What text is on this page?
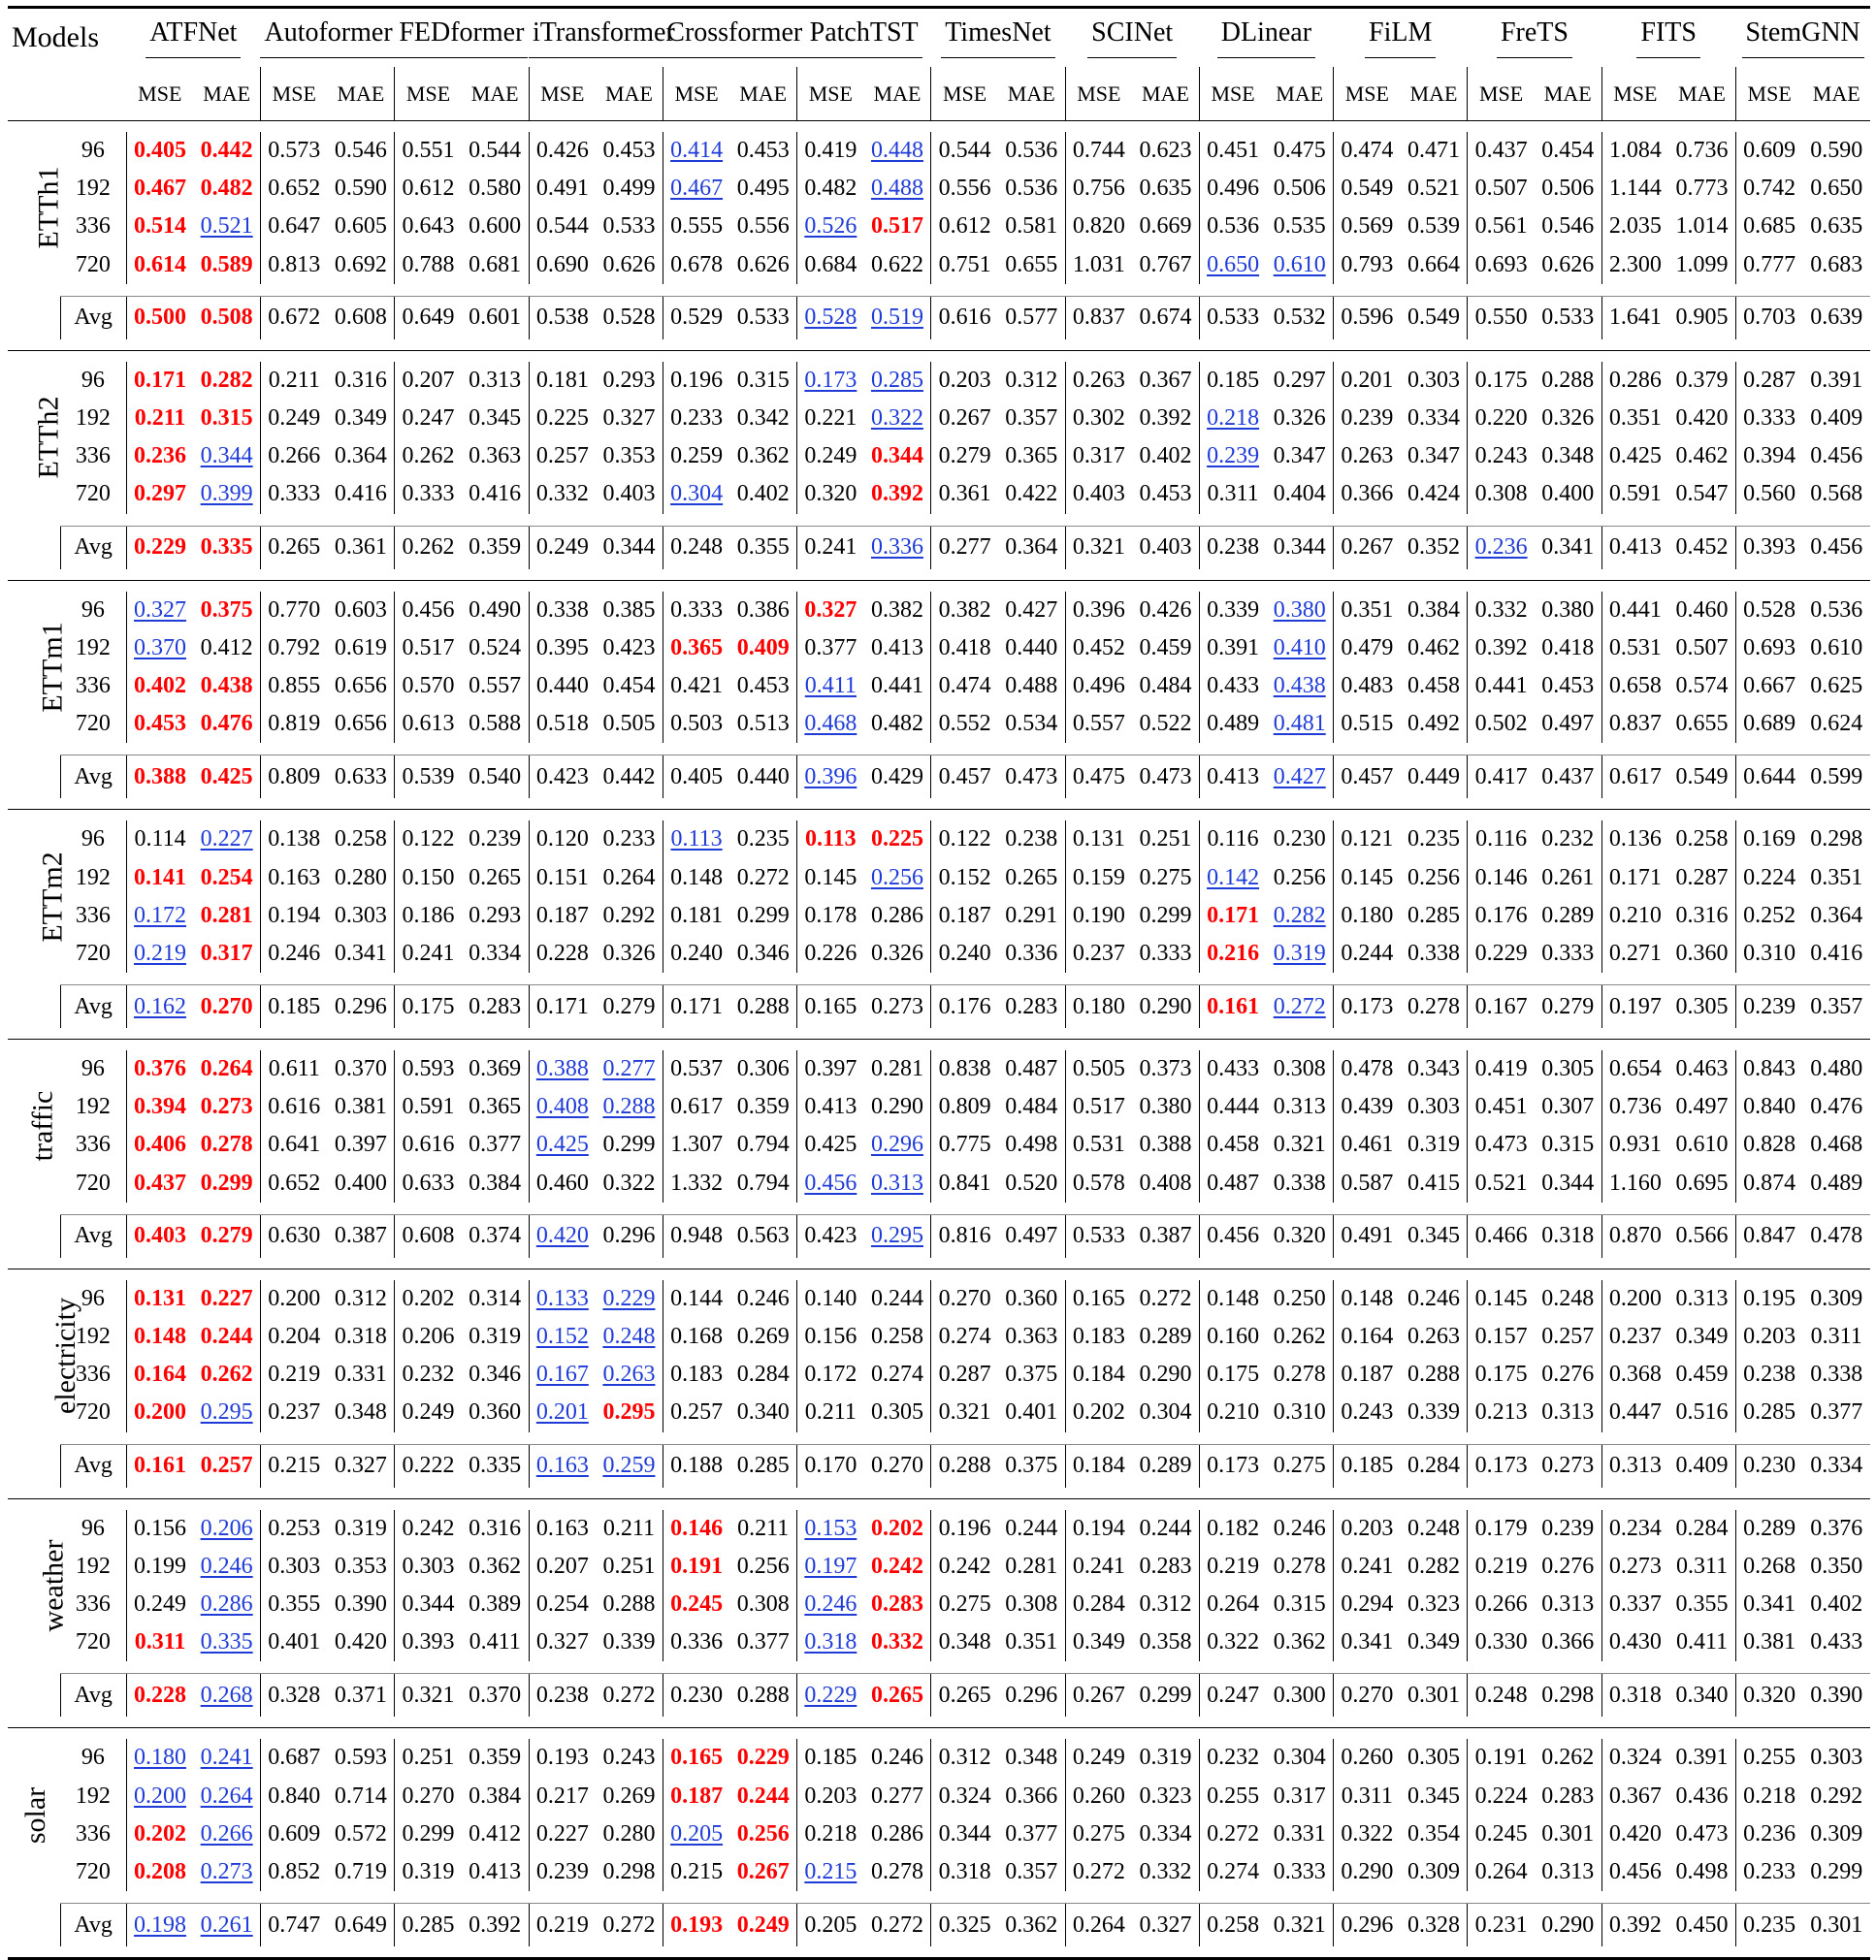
Models		ATFNet		Autoformer		FEDformer		iTransformer		Crossformer		PatchTST		TimesNet		SCINet		DLinear		FiLM		FreTS		FITS		StemGNN	
		MSE	MAE	MSE	MAE	MSE	MAE	MSE	MAE	MSE	MAE	MSE	MAE	MSE	MAE	MSE	MAE	MSE	MAE	MSE	MAE	MSE	MAE	MSE	MAE	MSE	MAE

ETTh1	96	0.405	0.442	0.573	0.546	0.551	0.544	0.426	0.453	0.414	0.453	0.419	0.448	0.544	0.536	0.744	0.623	0.451	0.475	0.474	0.471	0.437	0.454	1.084	0.736	0.609	0.590
	192	0.467	0.482	0.652	0.590	0.612	0.580	0.491	0.499	0.467	0.495	0.482	0.488	0.556	0.536	0.756	0.635	0.496	0.506	0.549	0.521	0.507	0.506	1.144	0.773	0.742	0.650
	336	0.514	0.521	0.647	0.605	0.643	0.600	0.544	0.533	0.555	0.556	0.526	0.517	0.612	0.581	0.820	0.669	0.536	0.535	0.569	0.539	0.561	0.546	2.035	1.014	0.685	0.635
	720	0.614	0.589	0.813	0.692	0.788	0.681	0.690	0.626	0.678	0.626	0.684	0.622	0.751	0.655	1.031	0.767	0.650	0.610	0.793	0.664	0.693	0.626	2.300	1.099	0.777	0.683

	Avg	0.500	0.508	0.672	0.608	0.649	0.601	0.538	0.528	0.529	0.533	0.528	0.519	0.616	0.577	0.837	0.674	0.533	0.532	0.596	0.549	0.550	0.533	1.641	0.905	0.703	0.639

ETTh2	96	0.171	0.282	0.211	0.316	0.207	0.313	0.181	0.293	0.196	0.315	0.173	0.285	0.203	0.312	0.263	0.367	0.185	0.297	0.201	0.303	0.175	0.288	0.286	0.379	0.287	0.391
	192	0.211	0.315	0.249	0.349	0.247	0.345	0.225	0.327	0.233	0.342	0.221	0.322	0.267	0.357	0.302	0.392	0.218	0.326	0.239	0.334	0.220	0.326	0.351	0.420	0.333	0.409
	336	0.236	0.344	0.266	0.364	0.262	0.363	0.257	0.353	0.259	0.362	0.249	0.344	0.279	0.365	0.317	0.402	0.239	0.347	0.263	0.347	0.243	0.348	0.425	0.462	0.394	0.456
	720	0.297	0.399	0.333	0.416	0.333	0.416	0.332	0.403	0.304	0.402	0.320	0.392	0.361	0.422	0.403	0.453	0.311	0.404	0.366	0.424	0.308	0.400	0.591	0.547	0.560	0.568

	Avg	0.229	0.335	0.265	0.361	0.262	0.359	0.249	0.344	0.248	0.355	0.241	0.336	0.277	0.364	0.321	0.403	0.238	0.344	0.267	0.352	0.236	0.341	0.413	0.452	0.393	0.456

ETTm1	96	0.327	0.375	0.770	0.603	0.456	0.490	0.338	0.385	0.333	0.386	0.327	0.382	0.382	0.427	0.396	0.426	0.339	0.380	0.351	0.384	0.332	0.380	0.441	0.460	0.528	0.536
	192	0.370	0.412	0.792	0.619	0.517	0.524	0.395	0.423	0.365	0.409	0.377	0.413	0.418	0.440	0.452	0.459	0.391	0.410	0.479	0.462	0.392	0.418	0.531	0.507	0.693	0.610
	336	0.402	0.438	0.855	0.656	0.570	0.557	0.440	0.454	0.421	0.453	0.411	0.441	0.474	0.488	0.496	0.484	0.433	0.438	0.483	0.458	0.441	0.453	0.658	0.574	0.667	0.625
	720	0.453	0.476	0.819	0.656	0.613	0.588	0.518	0.505	0.503	0.513	0.468	0.482	0.552	0.534	0.557	0.522	0.489	0.481	0.515	0.492	0.502	0.497	0.837	0.655	0.689	0.624

	Avg	0.388	0.425	0.809	0.633	0.539	0.540	0.423	0.442	0.405	0.440	0.396	0.429	0.457	0.473	0.475	0.473	0.413	0.427	0.457	0.449	0.417	0.437	0.617	0.549	0.644	0.599

ETTm2	96	0.114	0.227	0.138	0.258	0.122	0.239	0.120	0.233	0.113	0.235	0.113	0.225	0.122	0.238	0.131	0.251	0.116	0.230	0.121	0.235	0.116	0.232	0.136	0.258	0.169	0.298
	192	0.141	0.254	0.163	0.280	0.150	0.265	0.151	0.264	0.148	0.272	0.145	0.256	0.152	0.265	0.159	0.275	0.142	0.256	0.145	0.256	0.146	0.261	0.171	0.287	0.224	0.351
	336	0.172	0.281	0.194	0.303	0.186	0.293	0.187	0.292	0.181	0.299	0.178	0.286	0.187	0.291	0.190	0.299	0.171	0.282	0.180	0.285	0.176	0.289	0.210	0.316	0.252	0.364
	720	0.219	0.317	0.246	0.341	0.241	0.334	0.228	0.326	0.240	0.346	0.226	0.326	0.240	0.336	0.237	0.333	0.216	0.319	0.244	0.338	0.229	0.333	0.271	0.360	0.310	0.416

	Avg	0.162	0.270	0.185	0.296	0.175	0.283	0.171	0.279	0.171	0.288	0.165	0.273	0.176	0.283	0.180	0.290	0.161	0.272	0.173	0.278	0.167	0.279	0.197	0.305	0.239	0.357

traffic	96	0.376	0.264	0.611	0.370	0.593	0.369	0.388	0.277	0.537	0.306	0.397	0.281	0.838	0.487	0.505	0.373	0.433	0.308	0.478	0.343	0.419	0.305	0.654	0.463	0.843	0.480
	192	0.394	0.273	0.616	0.381	0.591	0.365	0.408	0.288	0.617	0.359	0.413	0.290	0.809	0.484	0.517	0.380	0.444	0.313	0.439	0.303	0.451	0.307	0.736	0.497	0.840	0.476
	336	0.406	0.278	0.641	0.397	0.616	0.377	0.425	0.299	1.307	0.794	0.425	0.296	0.775	0.498	0.531	0.388	0.458	0.321	0.461	0.319	0.473	0.315	0.931	0.610	0.828	0.468
	720	0.437	0.299	0.652	0.400	0.633	0.384	0.460	0.322	1.332	0.794	0.456	0.313	0.841	0.520	0.578	0.408	0.487	0.338	0.587	0.415	0.521	0.344	1.160	0.695	0.874	0.489

	Avg	0.403	0.279	0.630	0.387	0.608	0.374	0.420	0.296	0.948	0.563	0.423	0.295	0.816	0.497	0.533	0.387	0.456	0.320	0.491	0.345	0.466	0.318	0.870	0.566	0.847	0.478

electricity	96	0.131	0.227	0.200	0.312	0.202	0.314	0.133	0.229	0.144	0.246	0.140	0.244	0.270	0.360	0.165	0.272	0.148	0.250	0.148	0.246	0.145	0.248	0.200	0.313	0.195	0.309
	192	0.148	0.244	0.204	0.318	0.206	0.319	0.152	0.248	0.168	0.269	0.156	0.258	0.274	0.363	0.183	0.289	0.160	0.262	0.164	0.263	0.157	0.257	0.237	0.349	0.203	0.311
	336	0.164	0.262	0.219	0.331	0.232	0.346	0.167	0.263	0.183	0.284	0.172	0.274	0.287	0.375	0.184	0.290	0.175	0.278	0.187	0.288	0.175	0.276	0.368	0.459	0.238	0.338
	720	0.200	0.295	0.237	0.348	0.249	0.360	0.201	0.295	0.257	0.340	0.211	0.305	0.321	0.401	0.202	0.304	0.210	0.310	0.243	0.339	0.213	0.313	0.447	0.516	0.285	0.377

	Avg	0.161	0.257	0.215	0.327	0.222	0.335	0.163	0.259	0.188	0.285	0.170	0.270	0.288	0.375	0.184	0.289	0.173	0.275	0.185	0.284	0.173	0.273	0.313	0.409	0.230	0.334

weather	96	0.156	0.206	0.253	0.319	0.242	0.316	0.163	0.211	0.146	0.211	0.153	0.202	0.196	0.244	0.194	0.244	0.182	0.246	0.203	0.248	0.179	0.239	0.234	0.284	0.289	0.376
	192	0.199	0.246	0.303	0.353	0.303	0.362	0.207	0.251	0.191	0.256	0.197	0.242	0.242	0.281	0.241	0.283	0.219	0.278	0.241	0.282	0.219	0.276	0.273	0.311	0.268	0.350
	336	0.249	0.286	0.355	0.390	0.344	0.389	0.254	0.288	0.245	0.308	0.246	0.283	0.275	0.308	0.284	0.312	0.264	0.315	0.294	0.323	0.266	0.313	0.337	0.355	0.341	0.402
	720	0.311	0.335	0.401	0.420	0.393	0.411	0.327	0.339	0.336	0.377	0.318	0.332	0.348	0.351	0.349	0.358	0.322	0.362	0.341	0.349	0.330	0.366	0.430	0.411	0.381	0.433

	Avg	0.228	0.268	0.328	0.371	0.321	0.370	0.238	0.272	0.230	0.288	0.229	0.265	0.265	0.296	0.267	0.299	0.247	0.300	0.270	0.301	0.248	0.298	0.318	0.340	0.320	0.390

solar	96	0.180	0.241	0.687	0.593	0.251	0.359	0.193	0.243	0.165	0.229	0.185	0.246	0.312	0.348	0.249	0.319	0.232	0.304	0.260	0.305	0.191	0.262	0.324	0.391	0.255	0.303
	192	0.200	0.264	0.840	0.714	0.270	0.384	0.217	0.269	0.187	0.244	0.203	0.277	0.324	0.366	0.260	0.323	0.255	0.317	0.311	0.345	0.224	0.283	0.367	0.436	0.218	0.292
	336	0.202	0.266	0.609	0.572	0.299	0.412	0.227	0.280	0.205	0.256	0.218	0.286	0.344	0.377	0.275	0.334	0.272	0.331	0.322	0.354	0.245	0.301	0.420	0.473	0.236	0.309
	720	0.208	0.273	0.852	0.719	0.319	0.413	0.239	0.298	0.215	0.267	0.215	0.278	0.318	0.357	0.272	0.332	0.274	0.333	0.290	0.309	0.264	0.313	0.456	0.498	0.233	0.299

	Avg	0.198	0.261	0.747	0.649	0.285	0.392	0.219	0.272	0.193	0.249	0.205	0.272	0.325	0.362	0.264	0.327	0.258	0.321	0.296	0.328	0.231	0.290	0.392	0.450	0.235	0.301
